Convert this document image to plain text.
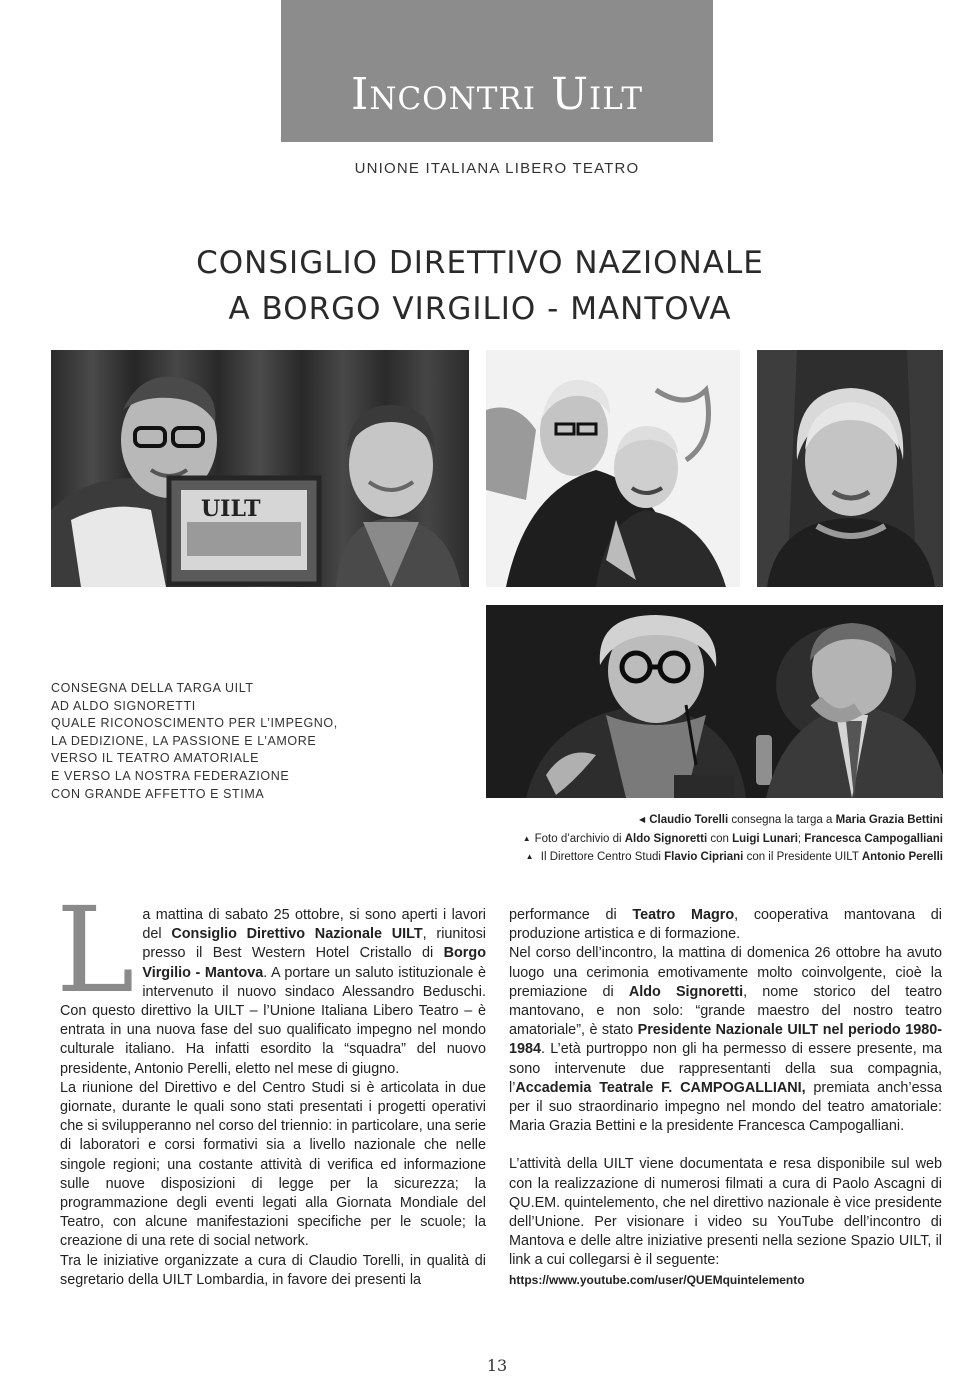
Incontri Uilt
UNIONE ITALIANA LIBERO TEATRO
CONSIGLIO DIRETTIVO NAZIONALE
A BORGO VIRGILIO - MANTOVA
UILT
CONSEGNA DELLA TARGA UILT
AD ALDO SIGNORETTI
QUALE RICONOSCIMENTO PER L’IMPEGNO,
LA DEDIZIONE, LA PASSIONE E L’AMORE
VERSO IL TEATRO AMATORIALE
E VERSO LA NOSTRA FEDERAZIONE
CON GRANDE AFFETTO E STIMA
◀ Claudio Torelli consegna la targa a Maria Grazia Bettini
▲ Foto d’archivio di Aldo Signoretti con Luigi Lunari; Francesca Campogalliani
▲ Il Direttore Centro Studi Flavio Cipriani con il Presidente UILT Antonio Perelli

La mattina di sabato 25 ottobre, si sono aperti i lavori del Consiglio Direttivo Nazionale UILT, riunitosi presso il Best Western Hotel Cristallo di Borgo Virgilio - Mantova. A portare un saluto istituzionale è intervenuto il nuovo sindaco Alessandro Beduschi. Con questo direttivo la UILT – l’Unione Italiana Libero Teatro – è entrata in una nuova fase del suo qualificato impegno nel mondo culturale italiano. Ha infatti esordito la “squadra” del nuovo presidente, Antonio Perelli, eletto nel mese di giugno.

La riunione del Direttivo e del Centro Studi si è articolata in due giornate, durante le quali sono stati presentati i progetti operativi che si svilupperanno nel corso del triennio: in particolare, una serie di laboratori e corsi formativi sia a livello nazionale che nelle singole regioni; una costante attività di verifica ed informazione sulle nuove disposizioni di legge per la sicurezza; la programmazione degli eventi legati alla Giornata Mondiale del Teatro, con alcune manifestazioni specifiche per le scuole; la creazione di una rete di social network.

Tra le iniziative organizzate a cura di Claudio Torelli, in qualità di segretario della UILT Lombardia, in favore dei presenti la

performance di Teatro Magro, cooperativa mantovana di produzione artistica e di formazione.

Nel corso dell’incontro, la mattina di domenica 26 ottobre ha avuto luogo una cerimonia emotivamente molto coinvolgente, cioè la premiazione di Aldo Signoretti, nome storico del teatro mantovano, e non solo: “grande maestro del nostro teatro amatoriale”, è stato Presidente Nazionale UILT nel periodo 1980-1984. L’età purtroppo non gli ha permesso di essere presente, ma sono intervenute due rappresentanti della sua compagnia, l’Accademia Teatrale F. CAMPOGALLIANI, premiata anch’essa per il suo straordinario impegno nel mondo del teatro amatoriale: Maria Grazia Bettini e la presidente Francesca Campogalliani.

L’attività della UILT viene documentata e resa disponibile sul web con la realizzazione di numerosi filmati a cura di Paolo Ascagni di QU.EM. quintelemento, che nel direttivo nazionale è vice presidente dell’Unione. Per visionare i video su YouTube dell’incontro di Mantova e delle altre iniziative presenti nella sezione Spazio UILT, il link a cui collegarsi è il seguente:

https://www.youtube.com/user/QUEMquintelemento

13
